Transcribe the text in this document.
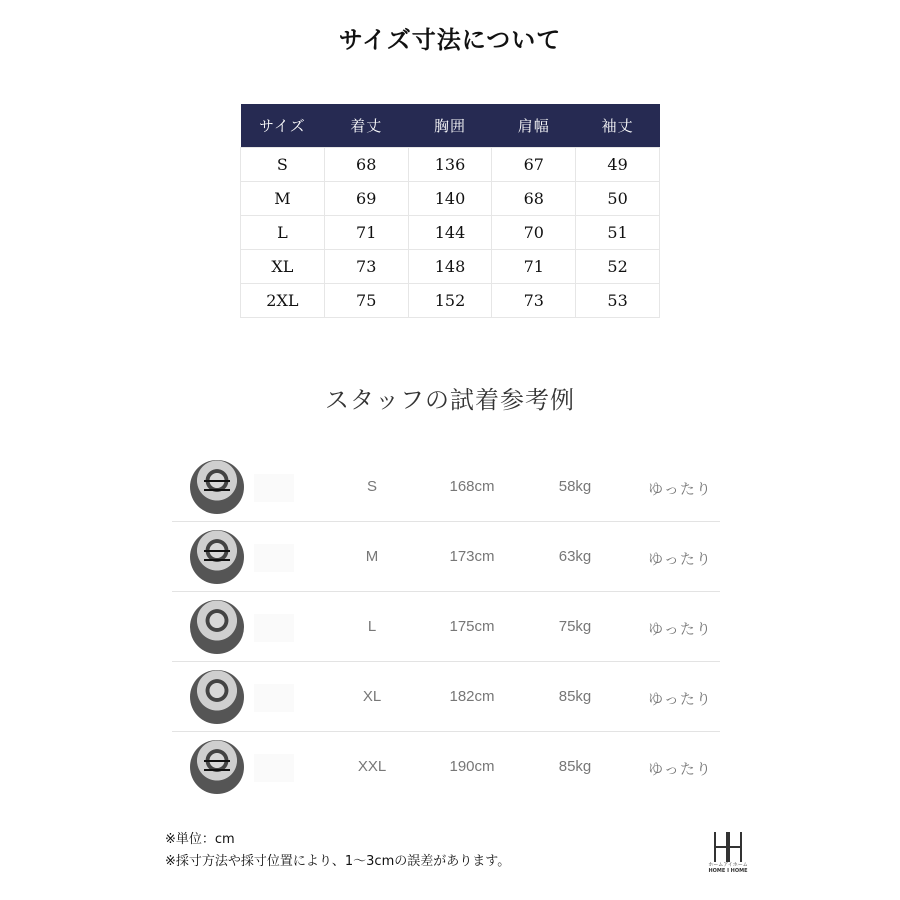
サイズ寸法について
サイズ	着丈	胸囲	肩幅	袖丈
S	68	136	67	49
M	69	140	68	50
L	71	144	70	51
XL	73	148	71	52
2XL	75	152	73	53
スタッフの試着参考例
S	168cm	58kg	ゆったり
M	173cm	63kg	ゆったり
L	175cm	75kg	ゆったり
XL	182cm	85kg	ゆったり
XXL	190cm	85kg	ゆったり
※単位：cm
※採寸方法や採寸位置により、1～3cmの誤差があります。	ホームアイホーム
HOME I HOME
